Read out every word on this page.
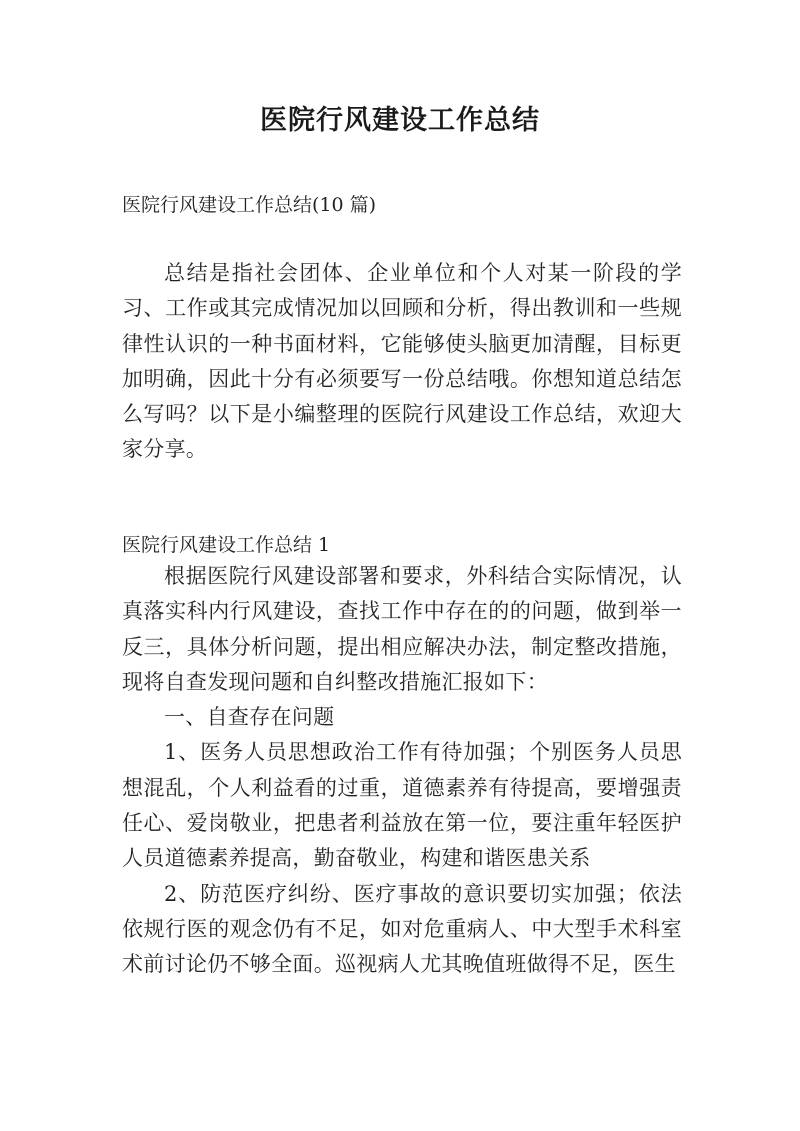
医院行风建设工作总结

医院行风建设工作总结(10 篇)

总结是指社会团体、企业单位和个人对某一阶段的学习、工作或其完成情况加以回顾和分析，得出教训和一些规律性认识的一种书面材料，它能够使头脑更加清醒，目标更加明确，因此十分有必须要写一份总结哦。你想知道总结怎么写吗？以下是小编整理的医院行风建设工作总结，欢迎大家分享。

医院行风建设工作总结 1

根据医院行风建设部署和要求，外科结合实际情况，认真落实科内行风建设，查找工作中存在的的问题，做到举一反三，具体分析问题，提出相应解决办法，制定整改措施，现将自查发现问题和自纠整改措施汇报如下：

一、自查存在问题

1、医务人员思想政治工作有待加强；个别医务人员思想混乱，个人利益看的过重，道德素养有待提高，要增强责任心、爱岗敬业，把患者利益放在第一位，要注重年轻医护人员道德素养提高，勤奋敬业，构建和谐医患关系

2、防范医疗纠纷、医疗事故的意识要切实加强；依法依规行医的观念仍有不足，如对危重病人、中大型手术科室术前讨论仍不够全面。巡视病人尤其晚值班做得不足，医生
